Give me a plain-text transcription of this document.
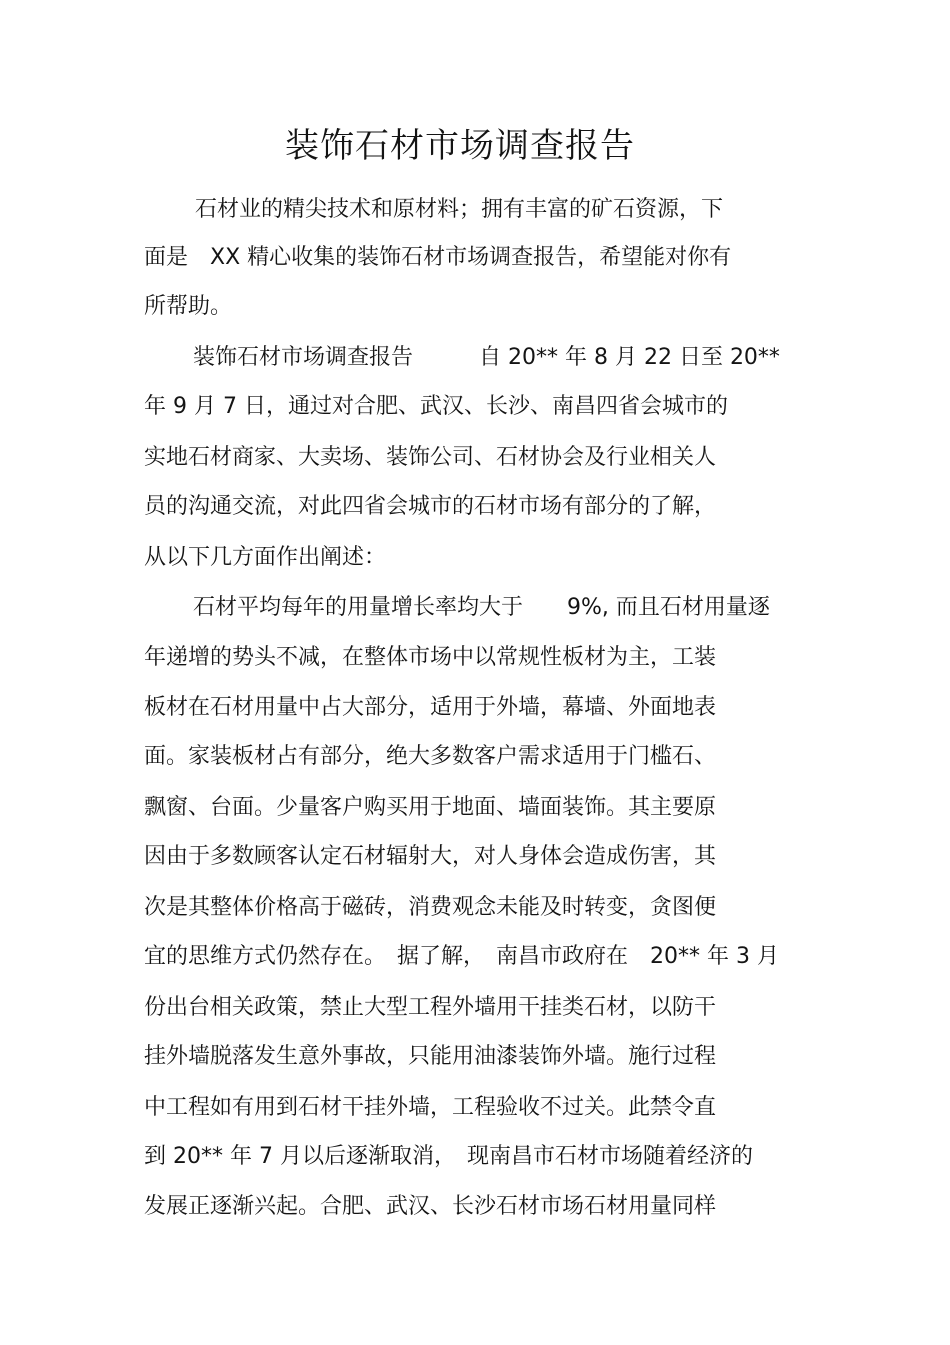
装饰石材市场调查报告
石材业的精尖技术和原材料；拥有丰富的矿石资源，下
面是　XX 精心收集的装饰石材市场调查报告，希望能对你有
所帮助。
装饰石材市场调查报告　　　自 20** 年 8 月 22 日至 20**
年 9 月 7 日，通过对合肥、武汉、长沙、南昌四省会城市的
实地石材商家、大卖场、装饰公司、石材协会及行业相关人
员的沟通交流，对此四省会城市的石材市场有部分的了解，
从以下几方面作出阐述：
石材平均每年的用量增长率均大于　　9%, 而且石材用量逐
年递增的势头不减，在整体市场中以常规性板材为主，工装
板材在石材用量中占大部分，适用于外墙，幕墙、外面地表
面。家装板材占有部分，绝大多数客户需求适用于门槛石、
飘窗、台面。少量客户购买用于地面、墙面装饰。其主要原
因由于多数顾客认定石材辐射大，对人身体会造成伤害，其
次是其整体价格高于磁砖，消费观念未能及时转变，贪图便
宜的思维方式仍然存在。　据了解，　南昌市政府在　20** 年 3 月
份出台相关政策，禁止大型工程外墙用干挂类石材，以防干
挂外墙脱落发生意外事故，只能用油漆装饰外墙。施行过程
中工程如有用到石材干挂外墙，工程验收不过关。此禁令直
到 20** 年 7 月以后逐渐取消，　现南昌市石材市场随着经济的
发展正逐渐兴起。合肥、武汉、长沙石材市场石材用量同样
